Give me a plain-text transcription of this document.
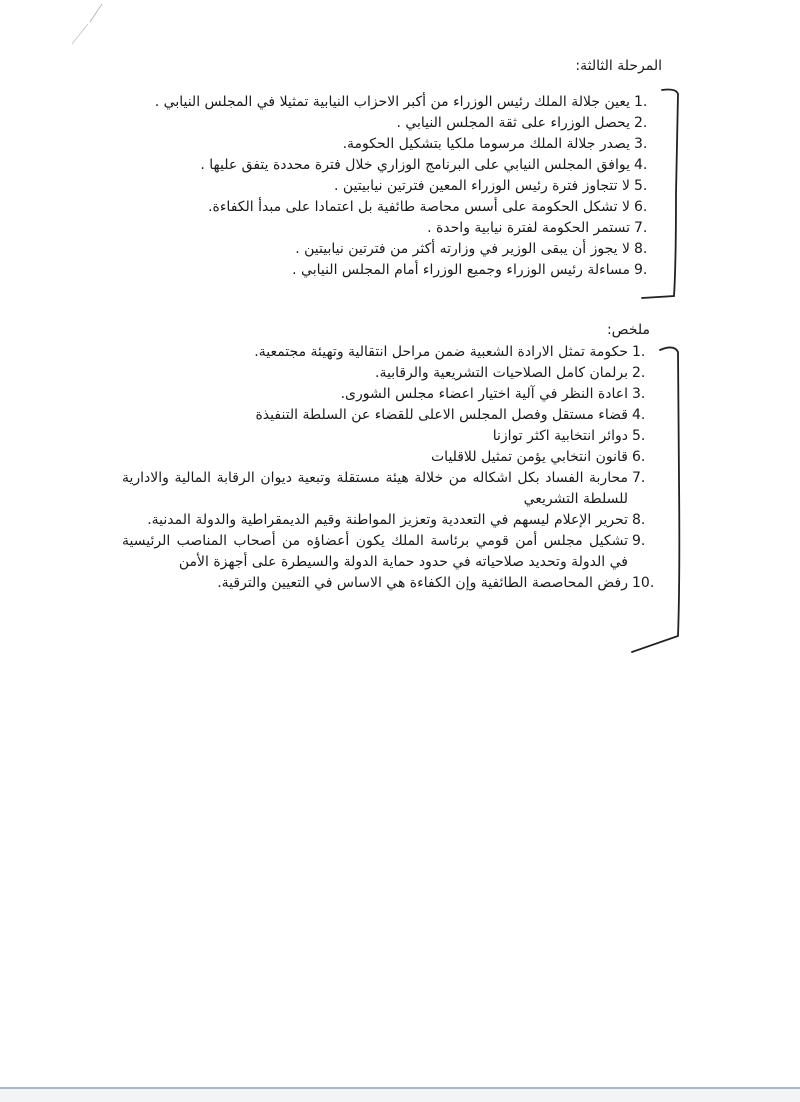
المرحلة الثالثة:
1.
يعين جلالة الملك رئيس الوزراء من أكبر الاحزاب النيابية تمثيلا في المجلس النيابي .
2.
يحصل الوزراء على ثقة المجلس النيابي .
3.
يصدر جلالة الملك مرسوما ملكيا بتشكيل الحكومة.
4.
يوافق المجلس النيابي على البرنامج الوزاري خلال فترة محددة يتفق عليها .
5.
لا تتجاوز فترة رئيس الوزراء المعين فترتين نيابيتين .
6.
لا تشكل الحكومة على أسس محاصة طائفية بل اعتمادا على مبدأ الكفاءة.
7.
تستمر الحكومة لفترة نيابية واحدة .
8.
لا يجوز أن يبقى الوزير في وزارته أكثر من فترتين نيابيتين .
9.
مساءلة رئيس الوزراء وجميع الوزراء أمام المجلس النيابي .
ملخص:
1.
حكومة تمثل الارادة الشعبية ضمن مراحل انتقالية وتهيئة مجتمعية.
2.
برلمان كامل الصلاحيات التشريعية والرقابية.
3.
اعادة النظر في آلية اختيار اعضاء مجلس الشورى.
4.
قضاء مستقل وفصل المجلس الاعلى للقضاء عن السلطة التنفيذة
5.
دوائر انتخابية اكثر توازنا
6.
قانون انتخابي يؤمن تمثيل للاقليات
7.
محاربة الفساد بكل اشكاله من خلالة هيئة مستقلة وتبعية ديوان الرقابة المالية والادارية للسلطة التشريعي
8.
تحرير الإعلام ليسهم في التعددية وتعزيز المواطنة وقيم الديمقراطية والدولة المدنية.
9.
تشكيل مجلس أمن قومي برئاسة الملك يكون أعضاؤه من أصحاب المناصب الرئيسية في الدولة وتحديد صلاحياته في حدود حماية الدولة والسيطرة على أجهزة الأمن
10.
رفض المحاصصة الطائفية وإن الكفاءة هي الاساس في التعيين والترقية.
